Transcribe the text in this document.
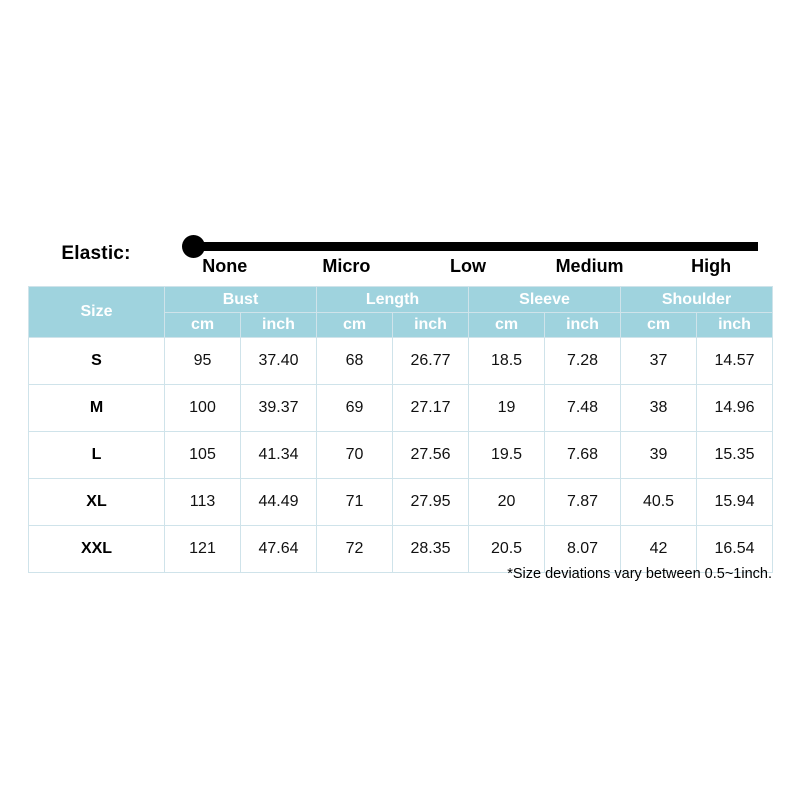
Elastic:
None	Micro	Low	Medium	High
Size	Bust		Length		Sleeve		Shoulder	
	cm	inch	cm	inch	cm	inch	cm	inch
S	95	37.40	68	26.77	18.5	7.28	37	14.57
M	100	39.37	69	27.17	19	7.48	38	14.96
L	105	41.34	70	27.56	19.5	7.68	39	15.35
XL	113	44.49	71	27.95	20	7.87	40.5	15.94
XXL	121	47.64	72	28.35	20.5	8.07	42	16.54
*Size deviations vary between 0.5~1inch.
